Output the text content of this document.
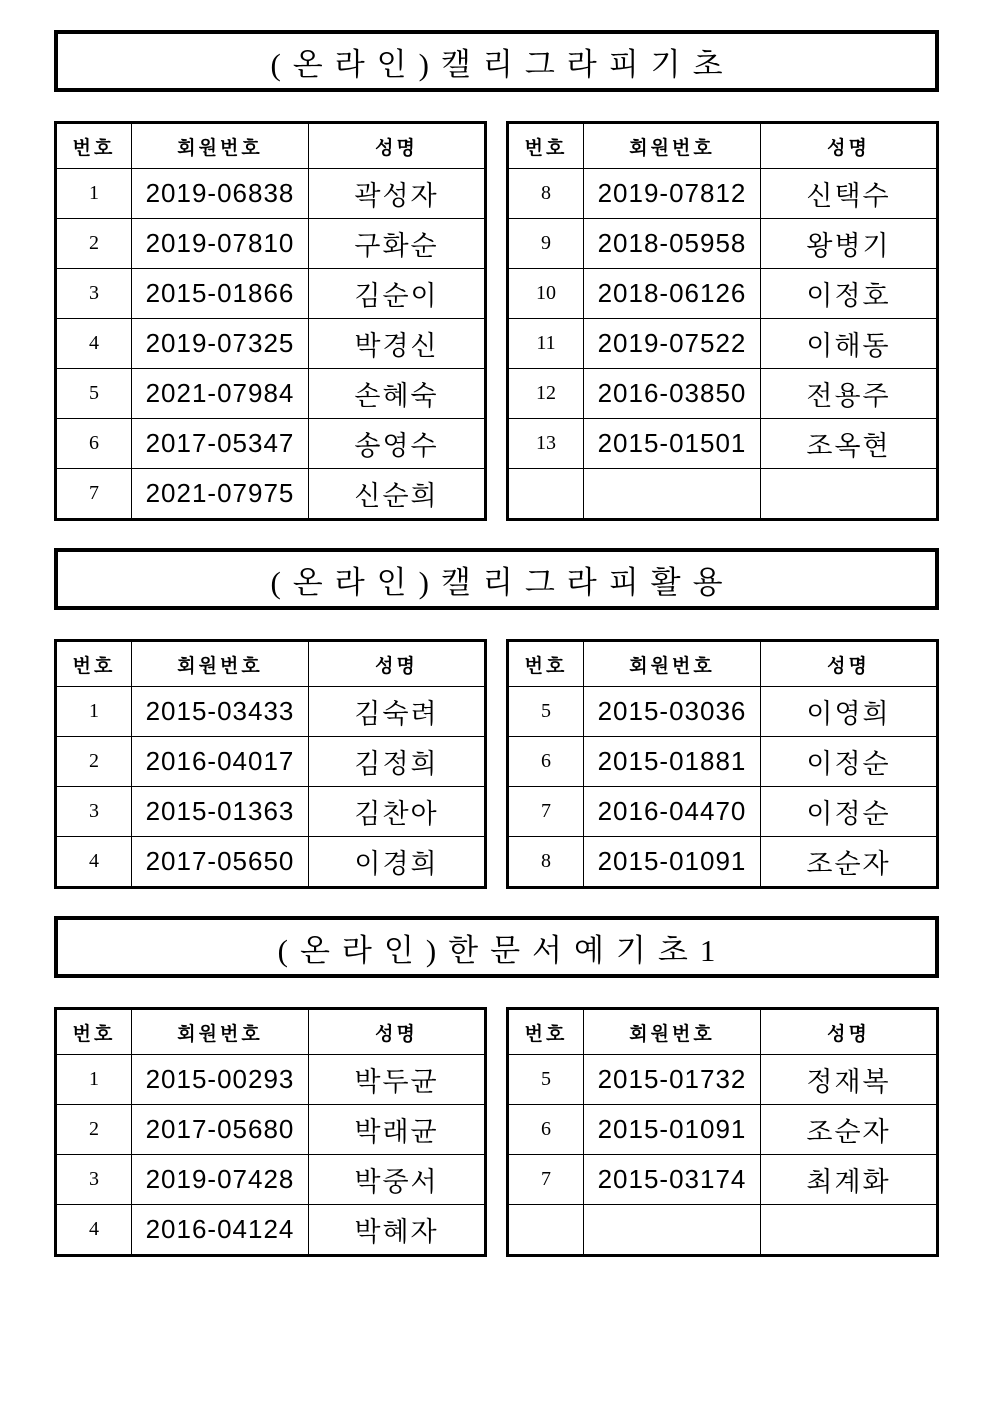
(온라인)캘리그라피기초
번호	회원번호	성명
1	2019-06838	곽성자
2	2019-07810	구화순
3	2015-01866	김순이
4	2019-07325	박경신
5	2021-07984	손혜숙
6	2017-05347	송영수
7	2021-07975	신순희
번호	회원번호	성명
8	2019-07812	신택수
9	2018-05958	왕병기
10	2018-06126	이정호
11	2019-07522	이해동
12	2016-03850	전용주
13	2015-01501	조옥현

(온라인)캘리그라피활용
번호	회원번호	성명
1	2015-03433	김숙려
2	2016-04017	김정희
3	2015-01363	김찬아
4	2017-05650	이경희
번호	회원번호	성명
5	2015-03036	이영희
6	2015-01881	이정순
7	2016-04470	이정순
8	2015-01091	조순자
(온라인)한문서예기초1
번호	회원번호	성명
1	2015-00293	박두균
2	2017-05680	박래균
3	2019-07428	박중서
4	2016-04124	박혜자
번호	회원번호	성명
5	2015-01732	정재복
6	2015-01091	조순자
7	2015-03174	최계화
